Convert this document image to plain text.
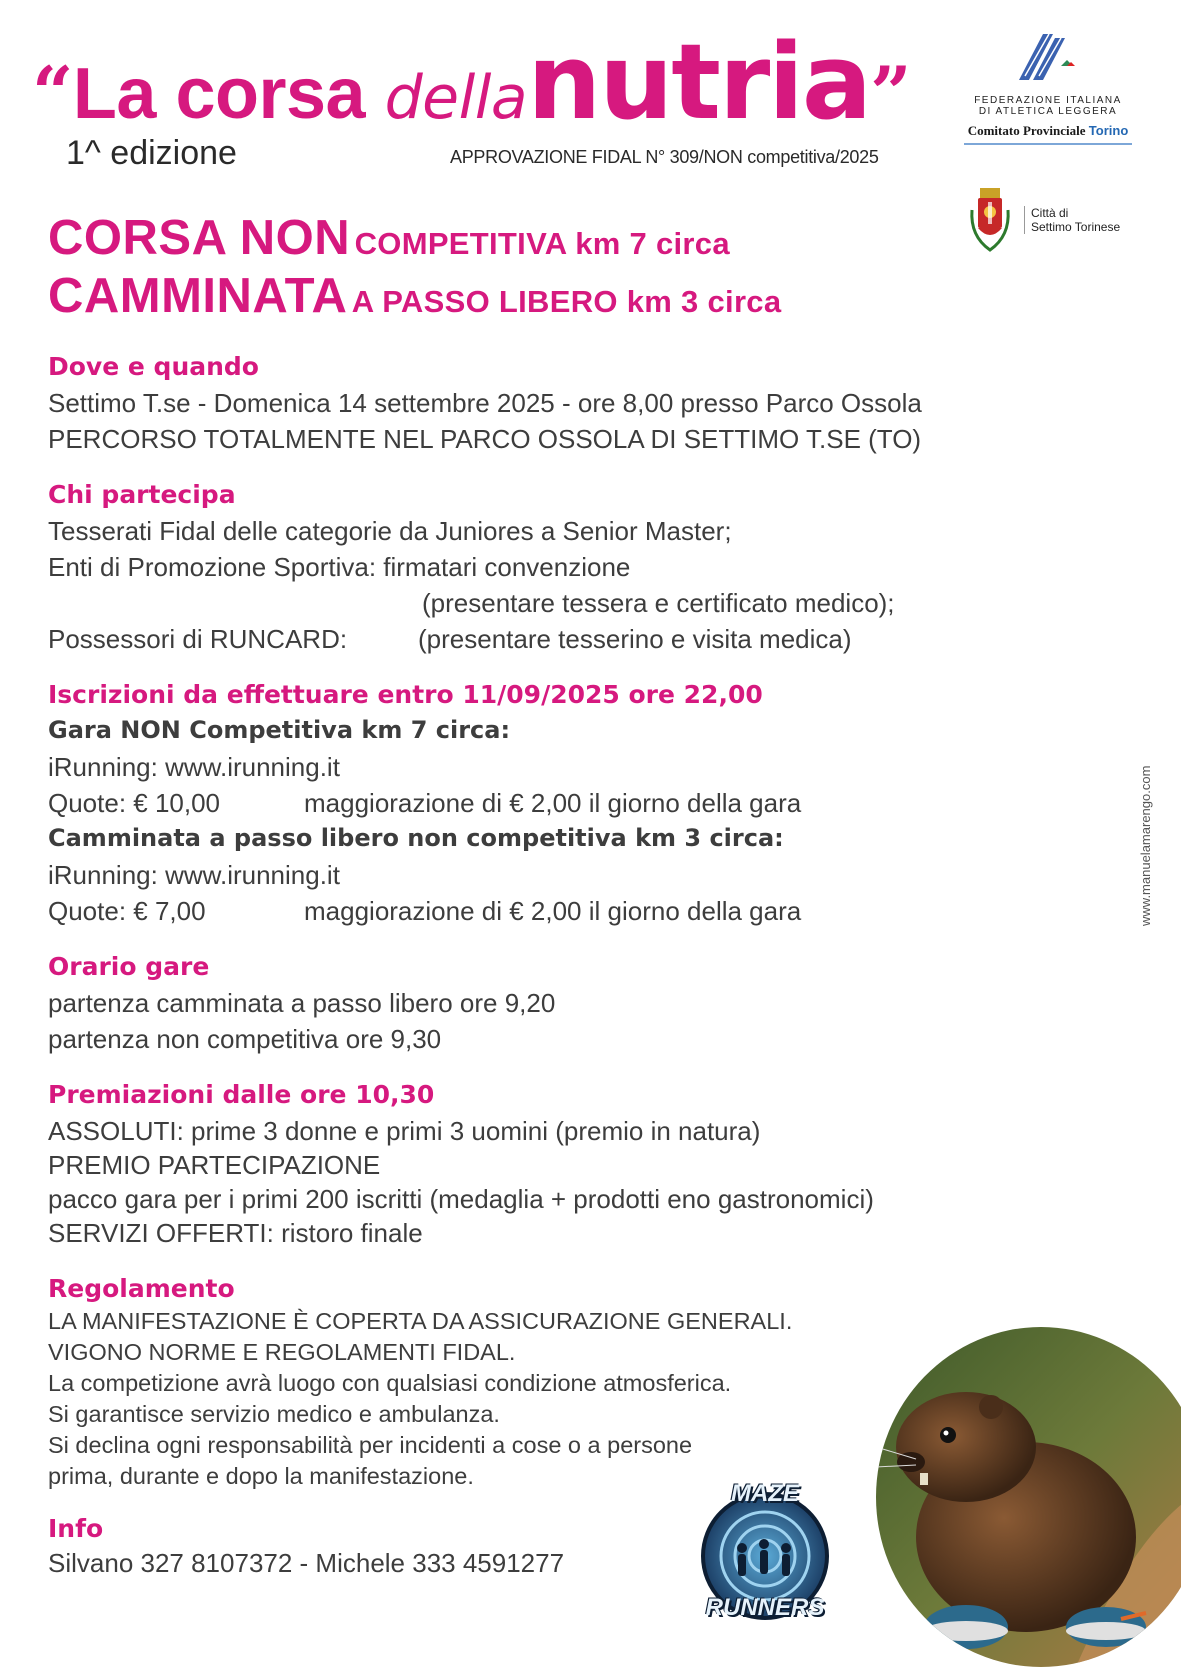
“La corsa dellanutria”
1^ edizione	APPROVAZIONE FIDAL N° 309/NON competitiva/2025
FEDERAZIONE ITALIANA
DI ATLETICA LEGGERA
Comitato Provinciale Torino
Città di
Settimo Torinese
CORSA NON COMPETITIVA km 7 circa
CAMMINATA A PASSO LIBERO km 3 circa
Dove e quando
Settimo T.se - Domenica 14 settembre 2025 - ore 8,00 presso Parco Ossola
PERCORSO TOTALMENTE NEL PARCO OSSOLA DI SETTIMO T.SE (TO)
Chi partecipa
Tesserati Fidal delle categorie da Juniores a Senior Master;
Enti di Promozione Sportiva: firmatari convenzione
(presentare tessera e certificato medico);
Possessori di RUNCARD:	(presentare tesserino e visita medica)
Iscrizioni da effettuare entro 11/09/2025 ore 22,00
Gara NON Competitiva km 7 circa:
iRunning: www.irunning.it
Quote: € 10,00	maggiorazione di € 2,00 il giorno della gara
Camminata a passo libero non competitiva km 3 circa:
iRunning: www.irunning.it
Quote: € 7,00	maggiorazione di € 2,00 il giorno della gara
Orario gare
partenza camminata a passo libero ore 9,20
partenza non competitiva ore 9,30
Premiazioni dalle ore 10,30
ASSOLUTI: prime 3 donne e primi 3 uomini (premio in natura)
PREMIO PARTECIPAZIONE
pacco gara per i primi 200 iscritti (medaglia + prodotti eno gastronomici)
SERVIZI OFFERTI: ristoro finale
Regolamento
LA MANIFESTAZIONE È COPERTA DA ASSICURAZIONE GENERALI.
VIGONO NORME E REGOLAMENTI FIDAL.
La competizione avrà luogo con qualsiasi condizione atmosferica.
Si garantisce servizio medico e ambulanza.
Si declina ogni responsabilità per incidenti a cose o a persone
prima, durante e dopo la manifestazione.
Info
Silvano 327 8107372 - Michele 333 4591277
www.manuelamarengo.com
MAZE
RUNNERS
